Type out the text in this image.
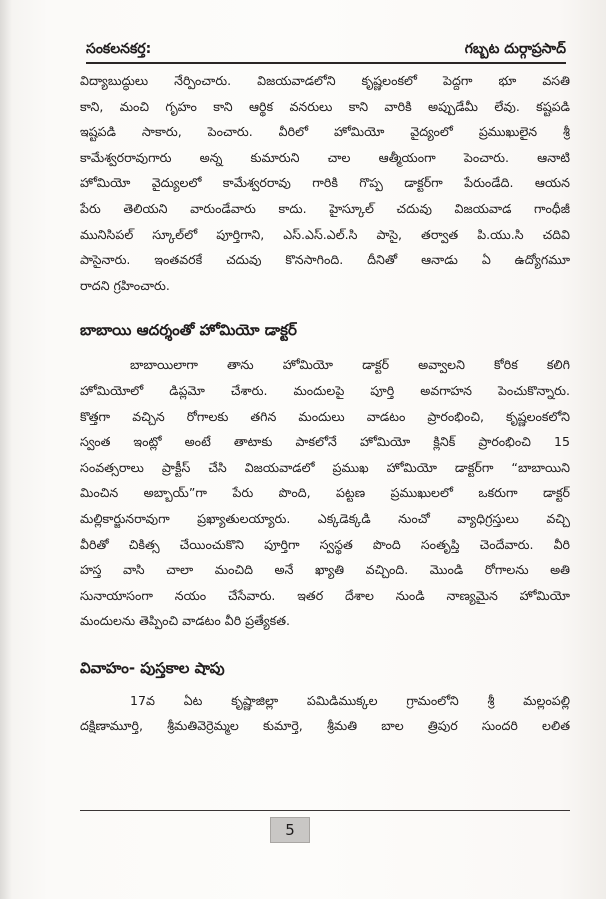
సంకలనకర్త:	గబ్బట దుర్గాప్రసాద్

విద్యాబుద్ధులు నేర్పించారు. విజయవాడలోని కృష్ణలంకలో పెద్దగా భూ వసతి
కాని, మంచి గృహం కాని ఆర్థిక వనరులు కాని వారికి అప్పుడేమీ లేవు. కష్టపడి
ఇష్టపడి సాకారు, పెంచారు. వీరిలో హోమియో వైద్యంలో ప్రముఖులైన శ్రీ
కామేశ్వరరావుగారు అన్న కుమారుని చాల ఆత్మీయంగా పెంచారు. ఆనాటి
హోమియో వైద్యులలో కామేశ్వరరావు గారికి గొప్ప డాక్టర్‌గా పేరుండేది. ఆయన
పేరు తెలియని వారుండేవారు కాదు. హైస్కూల్ చదువు విజయవాడ గాంధీజీ
మునిసిపల్ స్కూల్‌లో పూర్తిగాని, ఎస్.ఎస్.ఎల్.సి పాసై, తర్వాత పి.యు.సి చదివి
పాసైనారు. ఇంతవరకే చదువు కొనసాగింది. దీనితో ఆనాడు ఏ ఉద్యోగమూ
రాదని గ్రహించారు.

బాబాయి ఆదర్శంతో హోమియో డాక్టర్

బాబాయిలాగా తాను హోమియో డాక్టర్ అవ్వాలని కోరిక కలిగి
హోమియోలో డిప్లమో చేశారు. మందులపై పూర్తి అవగాహన పెంచుకొన్నారు.
కొత్తగా వచ్చిన రోగాలకు తగిన మందులు వాడటం ప్రారంభించి, కృష్ణలంకలోని
స్వంత ఇంట్లో అంటే తాటాకు పాకలోనే హోమియో క్లినిక్ ప్రారంభించి 15
సంవత్సరాలు ప్రాక్టీస్ చేసి విజయవాడలో ప్రముఖ హోమియో డాక్టర్‌గా “బాబాయిని
మించిన అబ్బాయ్”గా పేరు పొంది, పట్టణ ప్రముఖులలో ఒకరుగా డాక్టర్
మల్లికార్జునరావుగా ప్రఖ్యాతులయ్యారు. ఎక్కడెక్కడి నుంచో వ్యాధిగ్రస్తులు వచ్చి
వీరితో చికిత్స చేయించుకొని పూర్తిగా స్వస్థత పొంది సంతృప్తి చెందేవారు. వీరి
హస్త వాసి చాలా మంచిది అనే ఖ్యాతి వచ్చింది. మొండి రోగాలను అతి
సునాయాసంగా నయం చేసేవారు. ఇతర దేశాల నుండి నాణ్యమైన హోమియో
మందులను తెప్పించి వాడటం వీరి ప్రత్యేకత.

వివాహం- పుస్తకాల షాపు

17వ ఏట కృష్ణాజిల్లా పమిడిముక్కల గ్రామంలోని శ్రీ మల్లంపల్లి
దక్షిణామూర్తి, శ్రీమతివెర్రెమ్మల కుమార్తె, శ్రీమతి బాల త్రిపుర సుందరి లలిత

5
